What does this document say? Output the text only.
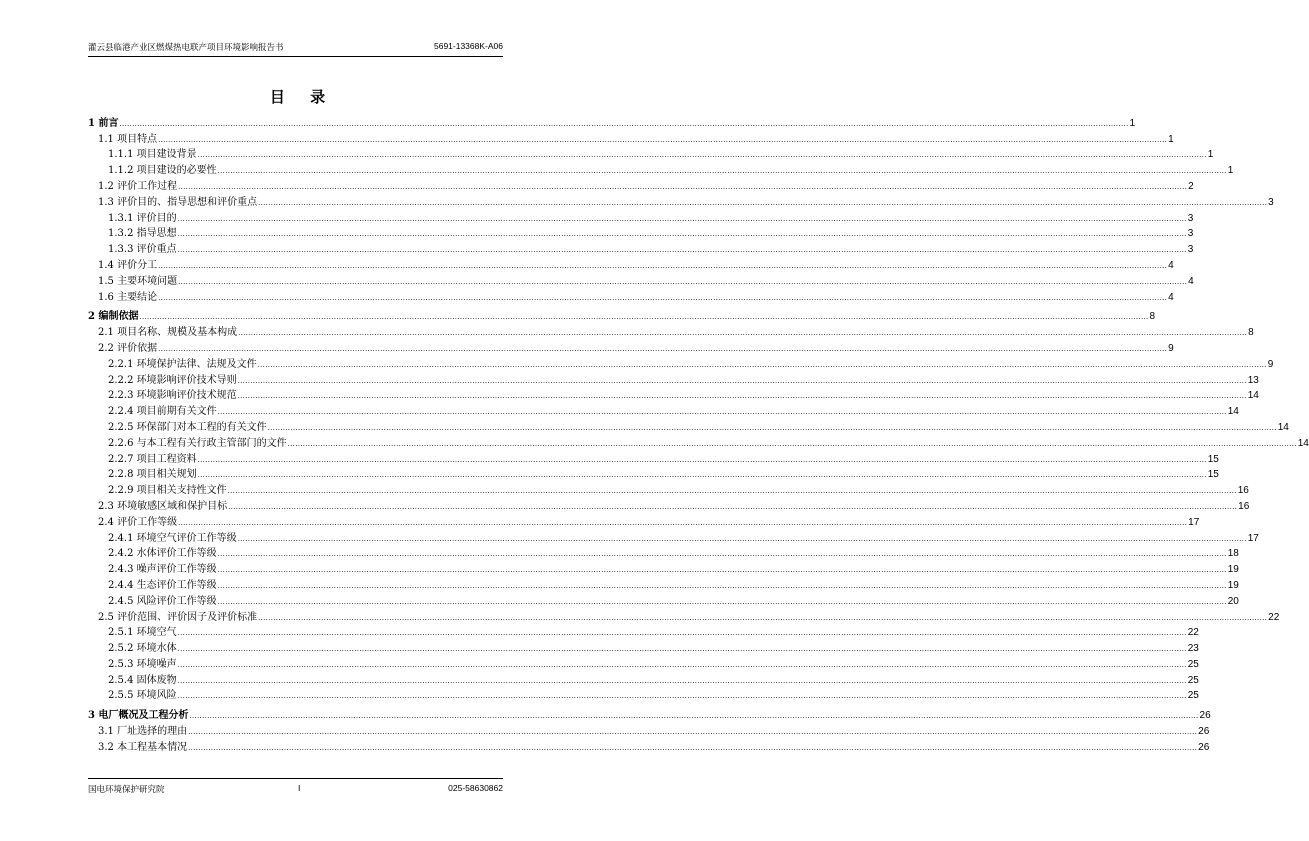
灌云县临港产业区燃煤热电联产项目环境影响报告书	5691-13368K-A06
目 录
1 前言 ................................................................................................................................................................................................................................................................................................................................................................................................................ 1
1.1 项目特点 ................................................................................................................................................................................................................................................................................................................................................................................................................ 1
1.1.1 项目建设背景 ................................................................................................................................................................................................................................................................................................................................................................................................................ 1
1.1.2 项目建设的必要性 ................................................................................................................................................................................................................................................................................................................................................................................................................ 1
1.2 评价工作过程 ................................................................................................................................................................................................................................................................................................................................................................................................................ 2
1.3 评价目的、指导思想和评价重点 ................................................................................................................................................................................................................................................................................................................................................................................................................ 3
1.3.1 评价目的 ................................................................................................................................................................................................................................................................................................................................................................................................................ 3
1.3.2 指导思想 ................................................................................................................................................................................................................................................................................................................................................................................................................ 3
1.3.3 评价重点 ................................................................................................................................................................................................................................................................................................................................................................................................................ 3
1.4 评价分工 ................................................................................................................................................................................................................................................................................................................................................................................................................ 4
1.5 主要环境问题 ................................................................................................................................................................................................................................................................................................................................................................................................................ 4
1.6 主要结论 ................................................................................................................................................................................................................................................................................................................................................................................................................ 4
2 编制依据 ................................................................................................................................................................................................................................................................................................................................................................................................................ 8
2.1 项目名称、规模及基本构成 ................................................................................................................................................................................................................................................................................................................................................................................................................ 8
2.2 评价依据 ................................................................................................................................................................................................................................................................................................................................................................................................................ 9
2.2.1 环境保护法律、法规及文件 ................................................................................................................................................................................................................................................................................................................................................................................................................ 9
2.2.2 环境影响评价技术导则 ................................................................................................................................................................................................................................................................................................................................................................................................................ 13
2.2.3 环境影响评价技术规范 ................................................................................................................................................................................................................................................................................................................................................................................................................ 14
2.2.4 项目前期有关文件 ................................................................................................................................................................................................................................................................................................................................................................................................................ 14
2.2.5 环保部门对本工程的有关文件 ................................................................................................................................................................................................................................................................................................................................................................................................................ 14
2.2.6 与本工程有关行政主管部门的文件 ................................................................................................................................................................................................................................................................................................................................................................................................................ 14
2.2.7 项目工程资料 ................................................................................................................................................................................................................................................................................................................................................................................................................ 15
2.2.8 项目相关规划 ................................................................................................................................................................................................................................................................................................................................................................................................................ 15
2.2.9 项目相关支持性文件 ................................................................................................................................................................................................................................................................................................................................................................................................................ 16
2.3 环境敏感区域和保护目标 ................................................................................................................................................................................................................................................................................................................................................................................................................ 16
2.4 评价工作等级 ................................................................................................................................................................................................................................................................................................................................................................................................................ 17
2.4.1 环境空气评价工作等级 ................................................................................................................................................................................................................................................................................................................................................................................................................ 17
2.4.2 水体评价工作等级 ................................................................................................................................................................................................................................................................................................................................................................................................................ 18
2.4.3 噪声评价工作等级 ................................................................................................................................................................................................................................................................................................................................................................................................................ 19
2.4.4 生态评价工作等级 ................................................................................................................................................................................................................................................................................................................................................................................................................ 19
2.4.5 风险评价工作等级 ................................................................................................................................................................................................................................................................................................................................................................................................................ 20
2.5 评价范围、评价因子及评价标准 ................................................................................................................................................................................................................................................................................................................................................................................................................ 22
2.5.1 环境空气 ................................................................................................................................................................................................................................................................................................................................................................................................................ 22
2.5.2 环境水体 ................................................................................................................................................................................................................................................................................................................................................................................................................ 23
2.5.3 环境噪声 ................................................................................................................................................................................................................................................................................................................................................................................................................ 25
2.5.4 固体废物 ................................................................................................................................................................................................................................................................................................................................................................................................................ 25
2.5.5 环境风险 ................................................................................................................................................................................................................................................................................................................................................................................................................ 25
3 电厂概况及工程分析 ................................................................................................................................................................................................................................................................................................................................................................................................................ 26
3.1 厂址选择的理由 ................................................................................................................................................................................................................................................................................................................................................................................................................ 26
3.2 本工程基本情况 ................................................................................................................................................................................................................................................................................................................................................................................................................ 26
国电环境保护研究院	I	025-58630862
